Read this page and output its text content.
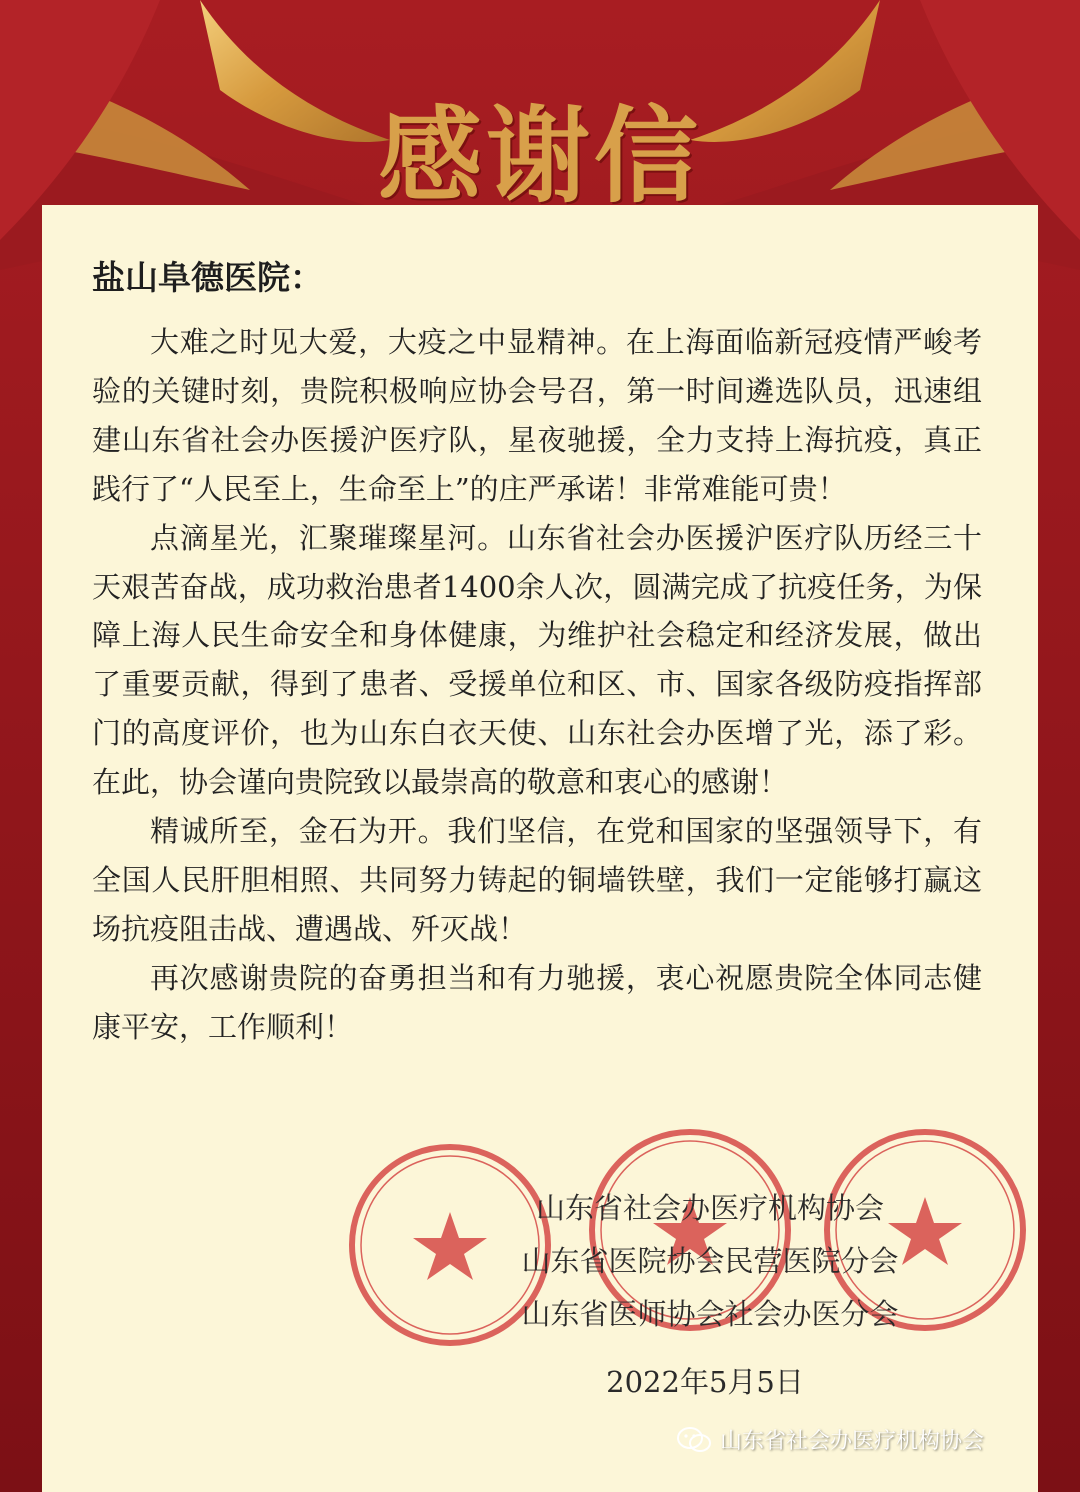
感谢信
盐山阜德医院：

大难之时见大爱，大疫之中显精神。在上海面临新冠疫情严峻考验的关键时刻，贵院积极响应协会号召，第一时间遴选队员，迅速组建山东省社会办医援沪医疗队，星夜驰援，全力支持上海抗疫，真正践行了“人民至上，生命至上”的庄严承诺！非常难能可贵！

点滴星光，汇聚璀璨星河。山东省社会办医援沪医疗队历经三十天艰苦奋战，成功救治患者1400余人次，圆满完成了抗疫任务，为保障上海人民生命安全和身体健康，为维护社会稳定和经济发展，做出了重要贡献，得到了患者、受援单位和区、市、国家各级防疫指挥部门的高度评价，也为山东白衣天使、山东社会办医增了光，添了彩。在此，协会谨向贵院致以最崇高的敬意和衷心的感谢！

精诚所至，金石为开。我们坚信，在党和国家的坚强领导下，有全国人民肝胆相照、共同努力铸起的铜墙铁壁，我们一定能够打赢这场抗疫阻击战、遭遇战、歼灭战！

再次感谢贵院的奋勇担当和有力驰援，衷心祝愿贵院全体同志健康平安，工作顺利！

山东省社会办医疗机构协会
山东省医院协会民营医院分会
山东省医师协会社会办医分会
2022年5月5日
山东省社会办医疗机构协会
